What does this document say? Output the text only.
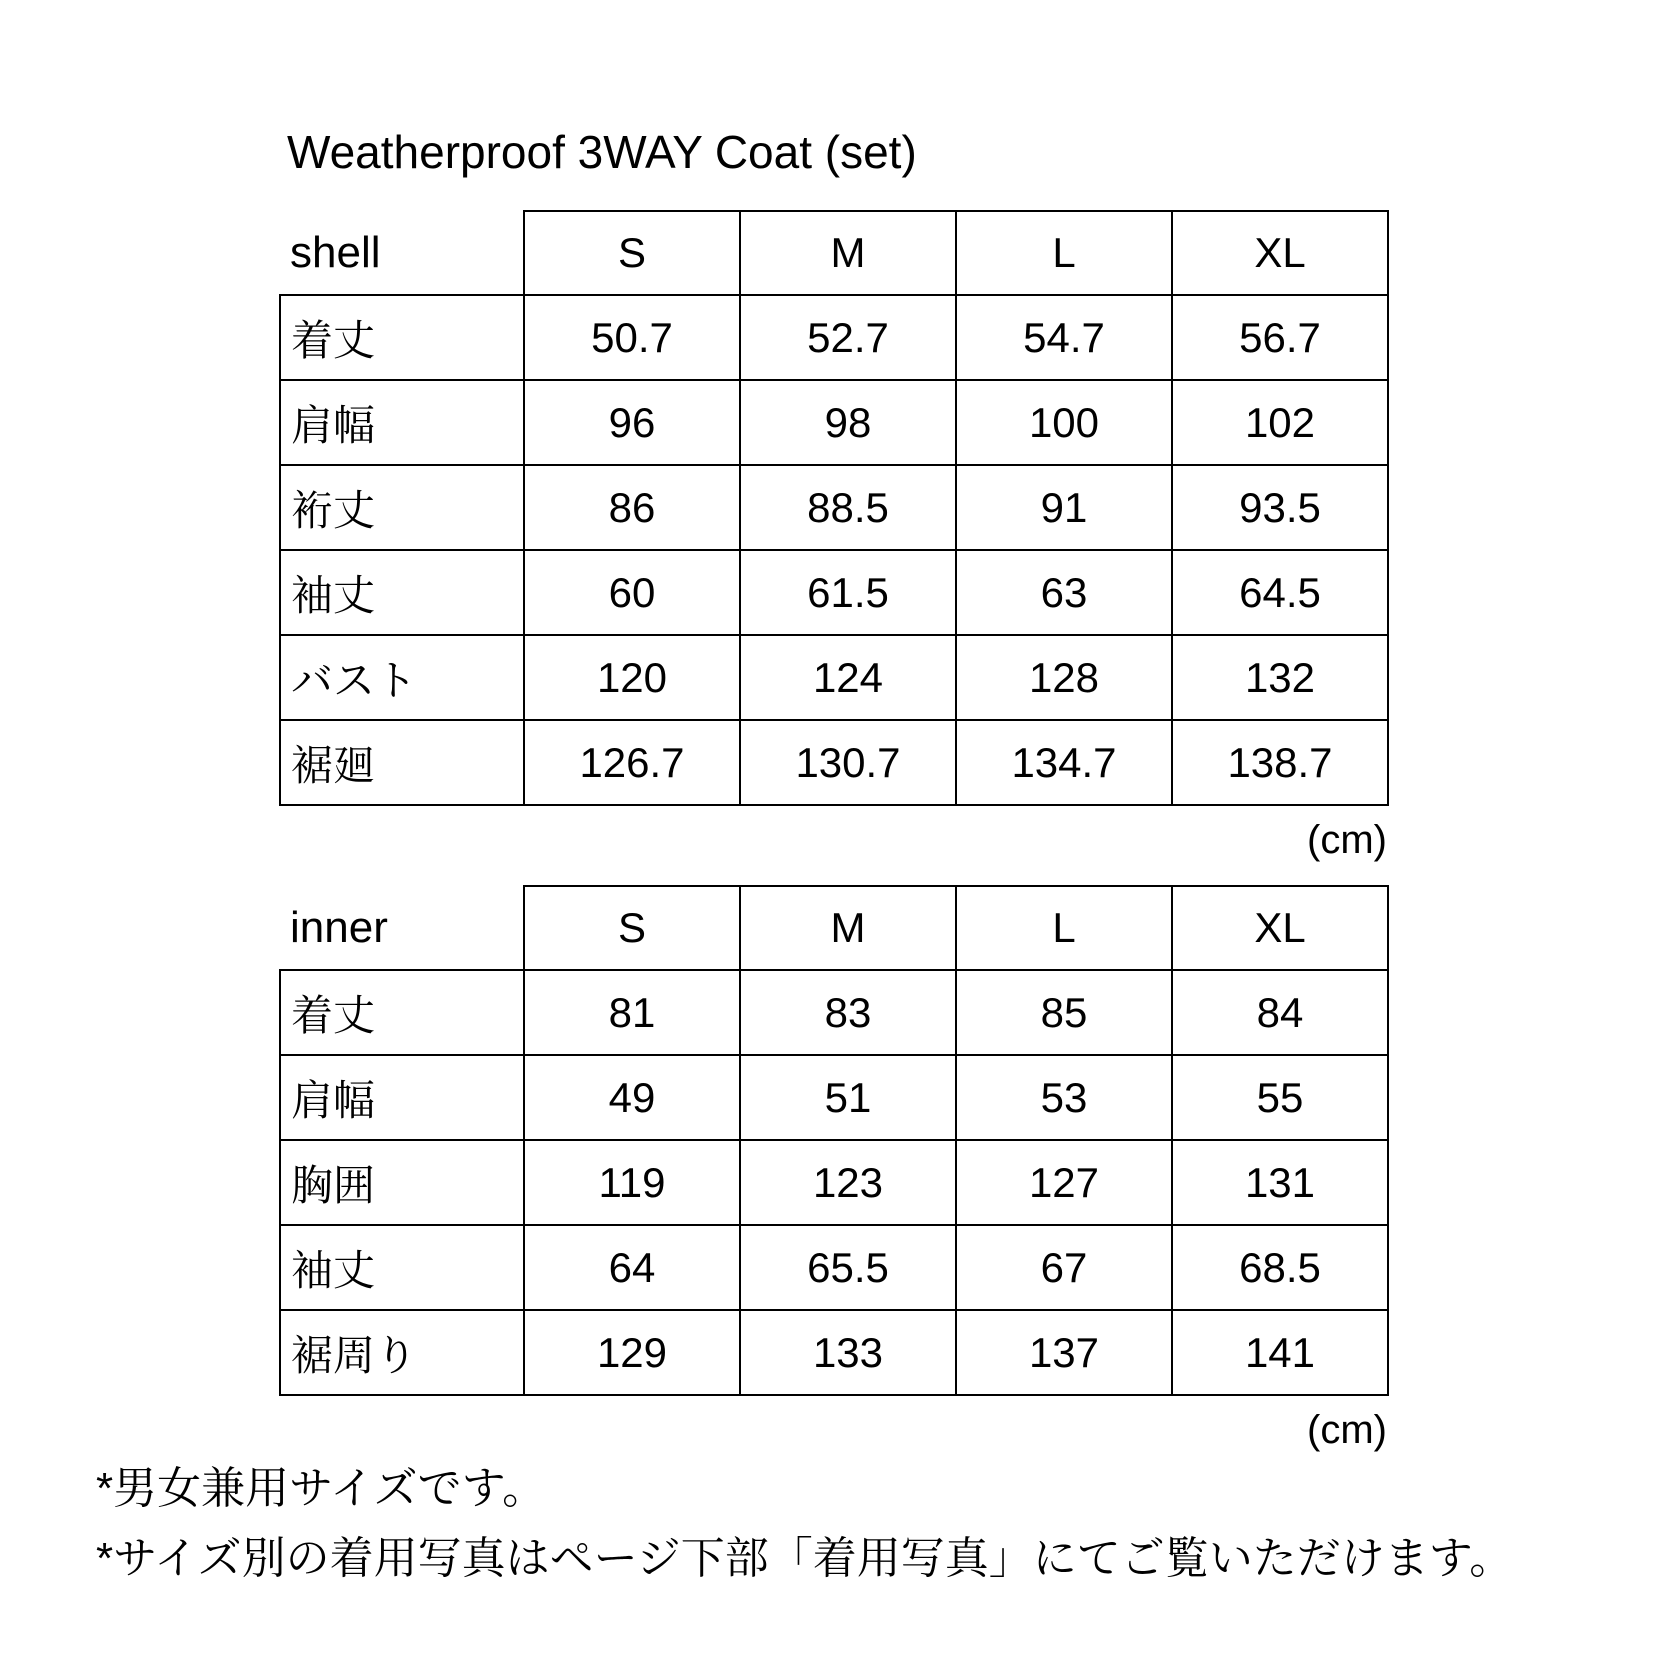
Weatherproof 3WAY Coat (set)
shell	S	M	L	XL
着丈	50.7	52.7	54.7	56.7
肩幅	96	98	100	102
裄丈	86	88.5	91	93.5
袖丈	60	61.5	63	64.5
バスト	120	124	128	132
裾廻	126.7	130.7	134.7	138.7
(cm)
inner	S	M	L	XL
着丈	81	83	85	84
肩幅	49	51	53	55
胸囲	119	123	127	131
袖丈	64	65.5	67	68.5
裾周り	129	133	137	141
(cm)
*男女兼用サイズです。
*サイズ別の着用写真はページ下部「着用写真」にてご覧いただけます。
